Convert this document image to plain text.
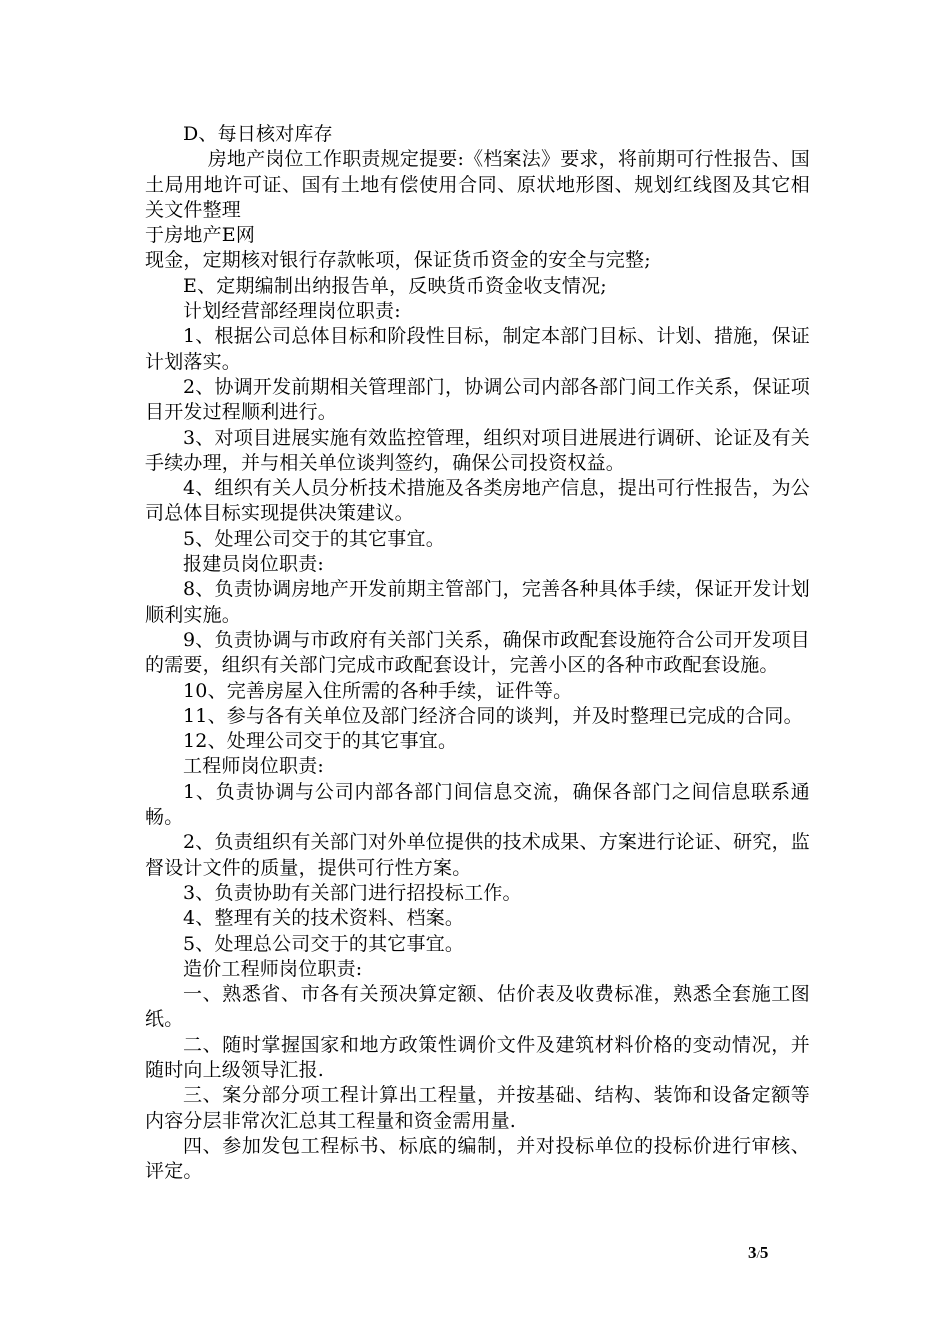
D、每日核对库存

房地产岗位工作职责规定提要:《档案法》要求，将前期可行性报告、国土局用地许可证、国有土地有偿使用合同、原状地形图、规划红线图及其它相关文件整理

于房地产E网

现金，定期核对银行存款帐项，保证货币资金的安全与完整;

E、定期编制出纳报告单，反映货币资金收支情况;

计划经营部经理岗位职责:

1、根据公司总体目标和阶段性目标，制定本部门目标、计划、措施，保证计划落实。

2、协调开发前期相关管理部门，协调公司内部各部门间工作关系，保证项目开发过程顺利进行。

3、对项目进展实施有效监控管理，组织对项目进展进行调研、论证及有关手续办理，并与相关单位谈判签约，确保公司投资权益。

4、组织有关人员分析技术措施及各类房地产信息，提出可行性报告，为公司总体目标实现提供决策建议。

5、处理公司交于的其它事宜。

报建员岗位职责:

8、负责协调房地产开发前期主管部门，完善各种具体手续，保证开发计划顺利实施。

9、负责协调与市政府有关部门关系，确保市政配套设施符合公司开发项目的需要，组织有关部门完成市政配套设计，完善小区的各种市政配套设施。

10、完善房屋入住所需的各种手续，证件等。

11、参与各有关单位及部门经济合同的谈判，并及时整理已完成的合同。

12、处理公司交于的其它事宜。

工程师岗位职责:

1、负责协调与公司内部各部门间信息交流，确保各部门之间信息联系通畅。

2、负责组织有关部门对外单位提供的技术成果、方案进行论证、研究，监督设计文件的质量，提供可行性方案。

3、负责协助有关部门进行招投标工作。

4、整理有关的技术资料、档案。

5、处理总公司交于的其它事宜。

造价工程师岗位职责:

一、熟悉省、市各有关预决算定额、估价表及收费标准，熟悉全套施工图纸。

二、随时掌握国家和地方政策性调价文件及建筑材料价格的变动情况，并随时向上级领导汇报.

三、案分部分项工程计算出工程量，并按基础、结构、装饰和设备定额等内容分层非常次汇总其工程量和资金需用量.

四、参加发包工程标书、标底的编制，并对投标单位的投标价进行审核、评定。

3/5
